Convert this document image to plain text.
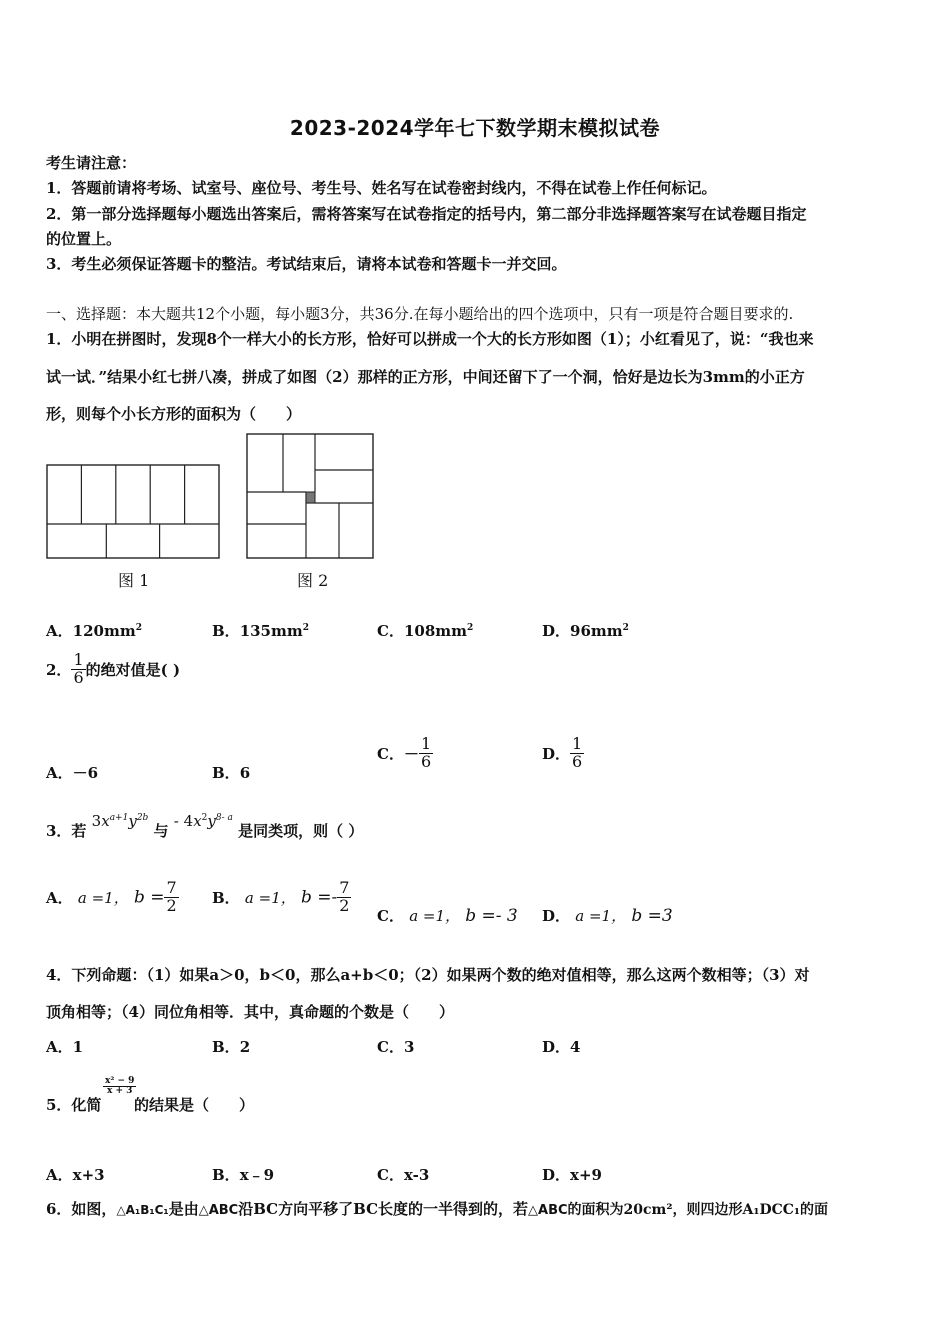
2023-2024学年七下数学期末模拟试卷
考生请注意：
1．答题前请将考场、试室号、座位号、考生号、姓名写在试卷密封线内，不得在试卷上作任何标记。
2．第一部分选择题每小题选出答案后，需将答案写在试卷指定的括号内，第二部分非选择题答案写在试卷题目指定
的位置上。
3．考生必须保证答题卡的整洁。考试结束后，请将本试卷和答题卡一并交回。
一、选择题：本大题共12个小题，每小题3分，共36分.在每小题给出的四个选项中，只有一项是符合题目要求的.
1．小明在拼图时，发现8个一样大小的长方形，恰好可以拼成一个大的长方形如图（1）；小红看见了，说：“我也来
试一试．”结果小红七拼八凑，拼成了如图（2）那样的正方形，中间还留下了一个洞，恰好是边长为3mm的小正方
形，则每个小长方形的面积为（　　）
图 1	图 2
A．$120mm^2$	B．$135mm^2$	C．$108mm^2$	D．$96mm^2$
2． $\frac{1}{6}$ 的绝对值是( )
A．－6	B．6
C．－ $\frac{1}{6}$	D． $\frac{1}{6}$
3．若 $3x^{a+1}y^{2b}$ 与 - $4x^2y^{8- a}$ 是同类项，则（ ）
A． a =1， $b = \frac{7}{2}$ B． a =1， $b =- \frac{7}{2}$
C． a =1， b =- 3 D． a =1， b =3
4．下列命题：（1）如果a＞0，b＜0，那么a+b＜0；（2）如果两个数的绝对值相等，那么这两个数相等；（3）对
顶角相等；（4）同位角相等．其中，真命题的个数是（　　）
A．1	B．2	C．3	D．4
5．化简
$\frac{\text{x² − 9}}{x + 3}$
的结果是（　　）
A．x+3	B．x﹣9	C．x-3	D．x+9
6．如图，△A₁B₁C₁是由△ABC沿BC方向平移了BC长度的一半得到的，若△ABC的面积为20cm²，则四边形A₁DCC₁的面
